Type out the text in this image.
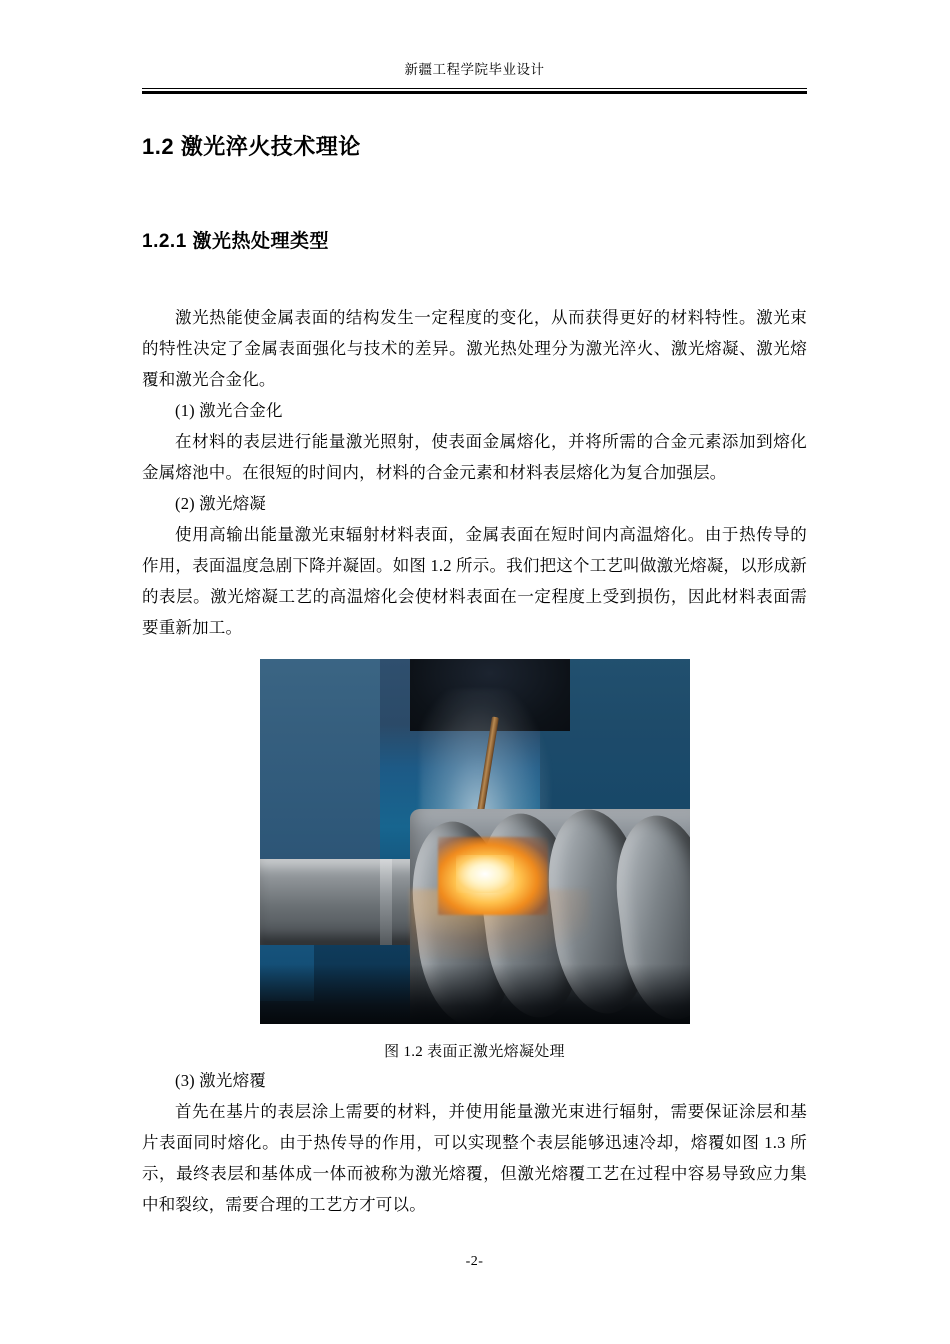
新疆工程学院毕业设计
1.2 激光淬火技术理论
1.2.1 激光热处理类型

激光热能使金属表面的结构发生一定程度的变化，从而获得更好的材料特性。激光束的特性决定了金属表面强化与技术的差异。激光热处理分为激光淬火、激光熔凝、激光熔覆和激光合金化。

(1) 激光合金化

在材料的表层进行能量激光照射，使表面金属熔化，并将所需的合金元素添加到熔化金属熔池中。在很短的时间内，材料的合金元素和材料表层熔化为复合加强层。

(2) 激光熔凝

使用高输出能量激光束辐射材料表面，金属表面在短时间内高温熔化。由于热传导的作用，表面温度急剧下降并凝固。如图 1.2 所示。我们把这个工艺叫做激光熔凝，以形成新的表层。激光熔凝工艺的高温熔化会使材料表面在一定程度上受到损伤，因此材料表面需要重新加工。

图 1.2 表面正激光熔凝处理

(3) 激光熔覆

首先在基片的表层涂上需要的材料，并使用能量激光束进行辐射，需要保证涂层和基片表面同时熔化。由于热传导的作用，可以实现整个表层能够迅速冷却，熔覆如图 1.3 所示，最终表层和基体成一体而被称为激光熔覆，但激光熔覆工艺在过程中容易导致应力集中和裂纹，需要合理的工艺方才可以。

-2-
